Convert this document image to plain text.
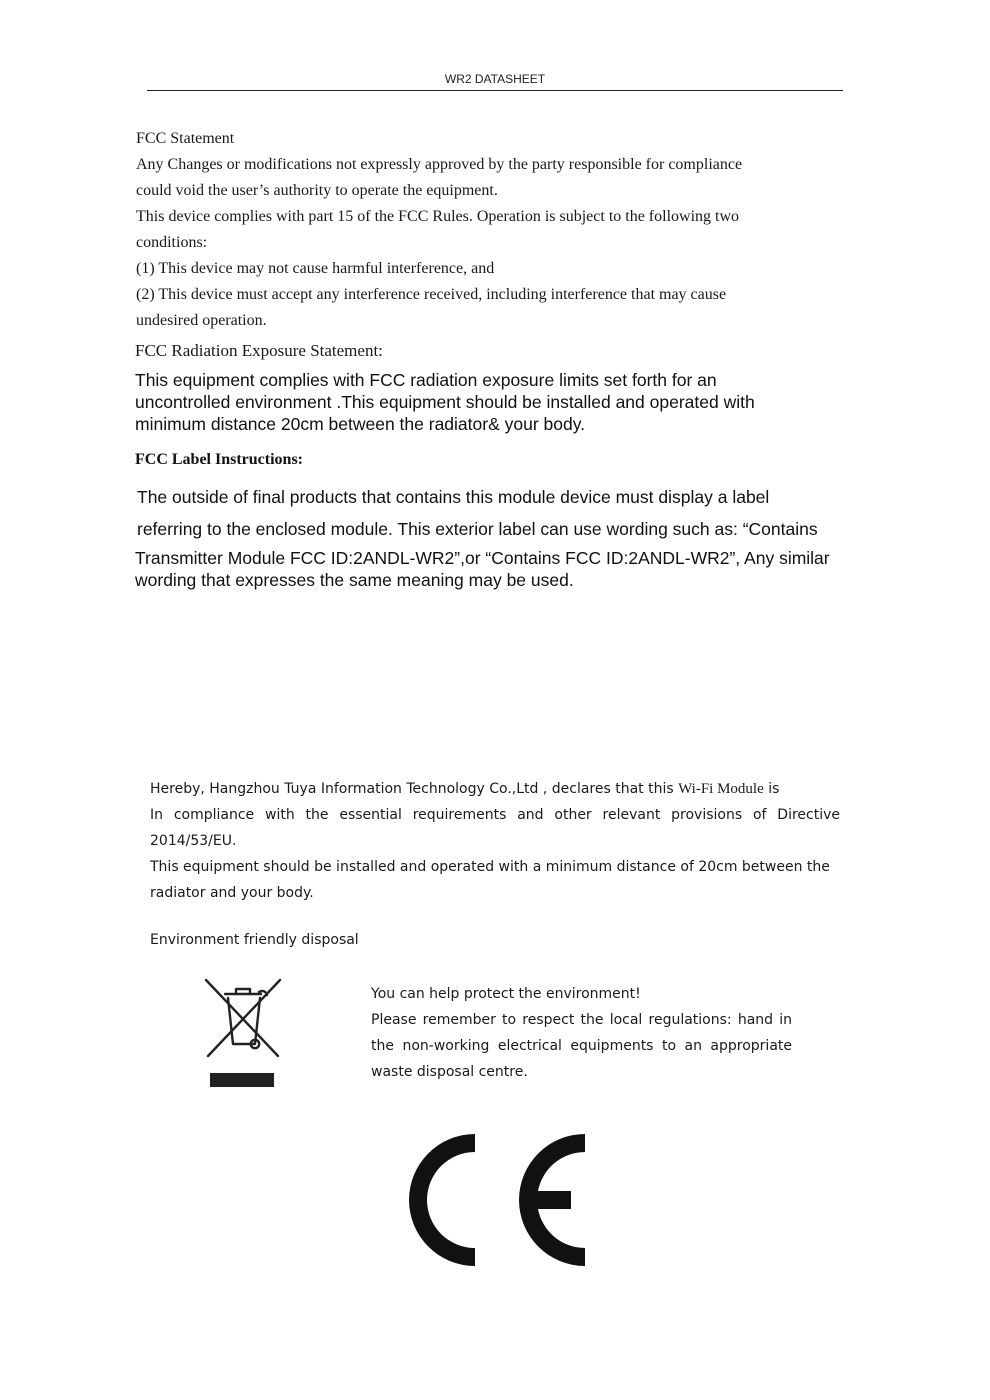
WR2 DATASHEET

FCC Statement

Any Changes or modifications not expressly approved by the party responsible for compliance

could void the user’s authority to operate the equipment.

This device complies with part 15 of the FCC Rules. Operation is subject to the following two

conditions:

(1) This device may not cause harmful interference, and

(2) This device must accept any interference received, including interference that may cause

undesired operation.

FCC Radiation Exposure Statement:
This equipment complies with FCC radiation exposure limits set forth for an
uncontrolled environment .This equipment should be installed and operated with
minimum distance 20cm between the radiator& your body.
FCC Label Instructions:
The outside of final products that contains this module device must display a label
referring to the enclosed module. This exterior label can use wording such as: “Contains
Transmitter Module FCC ID:2ANDL-WR2”,or “Contains FCC ID:2ANDL-WR2”, Any similar
wording that expresses the same meaning may be used.

Hereby, Hangzhou Tuya Information Technology Co.,Ltd , declares that this Wi-Fi Module is

In compliance with the essential requirements and other relevant provisions of Directive

2014/53/EU.

This equipment should be installed and operated with a minimum distance of 20cm between the

radiator and your body.

Environment friendly disposal

You can help protect the environment!

Please remember to respect the local regulations: hand in

the non-working electrical equipments to an appropriate

waste disposal centre.
